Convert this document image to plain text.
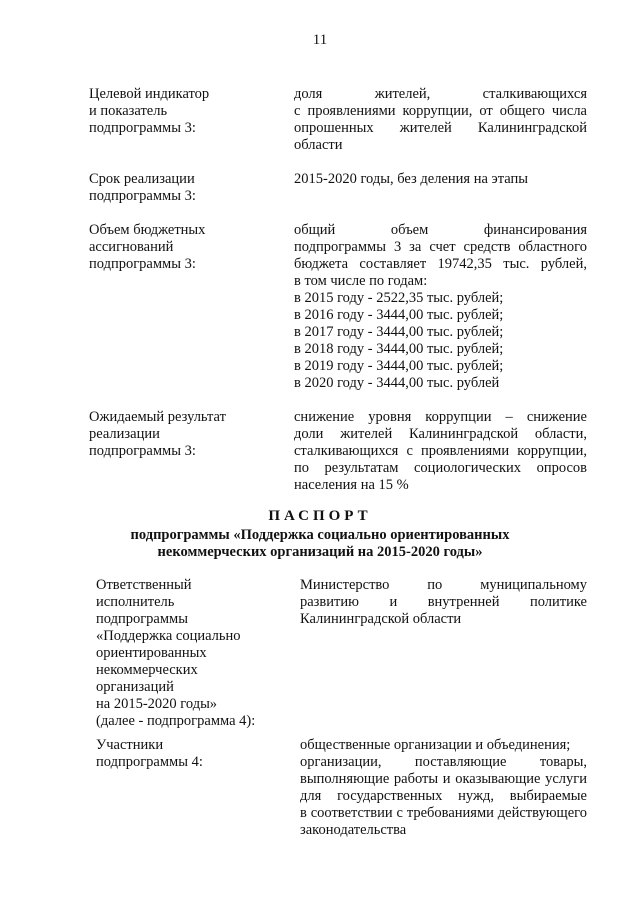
11
Целевой индикатор
и показатель
подпрограммы 3:
доля жителей, сталкивающихся
с проявлениями коррупции, от общего числа
опрошенных жителей Калининградской
области
Срок реализации
подпрограммы 3:
2015-2020 годы, без деления на этапы
Объем бюджетных
ассигнований
подпрограммы 3:
общий объем финансирования
подпрограммы 3 за счет средств областного
бюджета составляет 19742,35 тыс. рублей,
в том числе по годам:
в 2015 году - 2522,35 тыс. рублей;
в 2016 году - 3444,00 тыс. рублей;
в 2017 году - 3444,00 тыс. рублей;
в 2018 году - 3444,00 тыс. рублей;
в 2019 году - 3444,00 тыс. рублей;
в 2020 году - 3444,00 тыс. рублей
Ожидаемый результат
реализации
подпрограммы 3:
снижение уровня коррупции – снижение
доли жителей Калининградской области,
сталкивающихся с проявлениями коррупции,
по результатам социологических опросов
населения на 15 %
ПАСПОРТ
подпрограммы «Поддержка социально ориентированных
некоммерческих организаций на 2015-2020 годы»
Ответственный
исполнитель
подпрограммы
«Поддержка социально
ориентированных
некоммерческих
организаций
на 2015-2020 годы»
(далее - подпрограмма 4):
Министерство по муниципальному
развитию и внутренней политике
Калининградской области
Участники
подпрограммы 4:
общественные организации и объединения;
организации, поставляющие товары,
выполняющие работы и оказывающие услуги
для государственных нужд, выбираемые
в соответствии с требованиями действующего
законодательства
